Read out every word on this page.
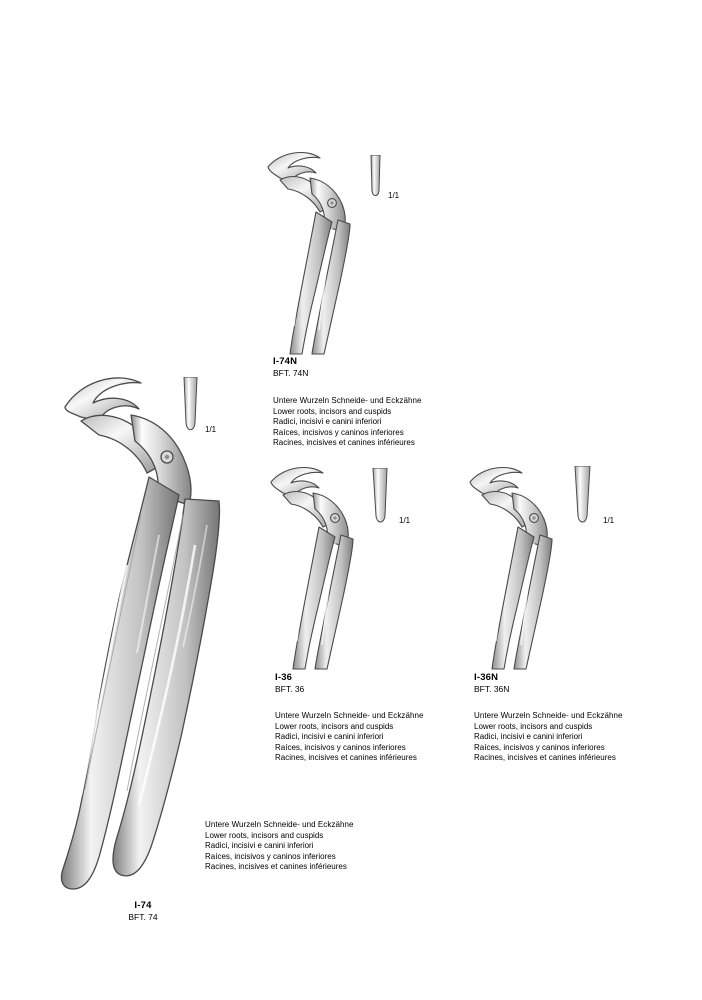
1/1
I-74N
BFT. 74N
Untere Wurzeln Schneide- und Eckzähne
Lower roots, incisors and cuspids
Radici, incisivi e canini inferiori
Raíces, incisivos y caninos inferiores
Racines, incisives et canines inférieures
1/1
I-36
BFT. 36
Untere Wurzeln Schneide- und Eckzähne
Lower roots, incisors and cuspids
Radici, incisivi e canini inferiori
Raíces, incisivos y caninos inferiores
Racines, incisives et canines inférieures
1/1
I-36N
BFT. 36N
Untere Wurzeln Schneide- und Eckzähne
Lower roots, incisors and cuspids
Radici, incisivi e canini inferiori
Raíces, incisivos y caninos inferiores
Racines, incisives et canines inférieures
1/1
Untere Wurzeln Schneide- und Eckzähne
Lower roots, incisors and cuspids
Radici, incisivi e canini inferiori
Raíces, incisivos y caninos inferiores
Racines, incisives et canines inférieures
I-74
BFT. 74
